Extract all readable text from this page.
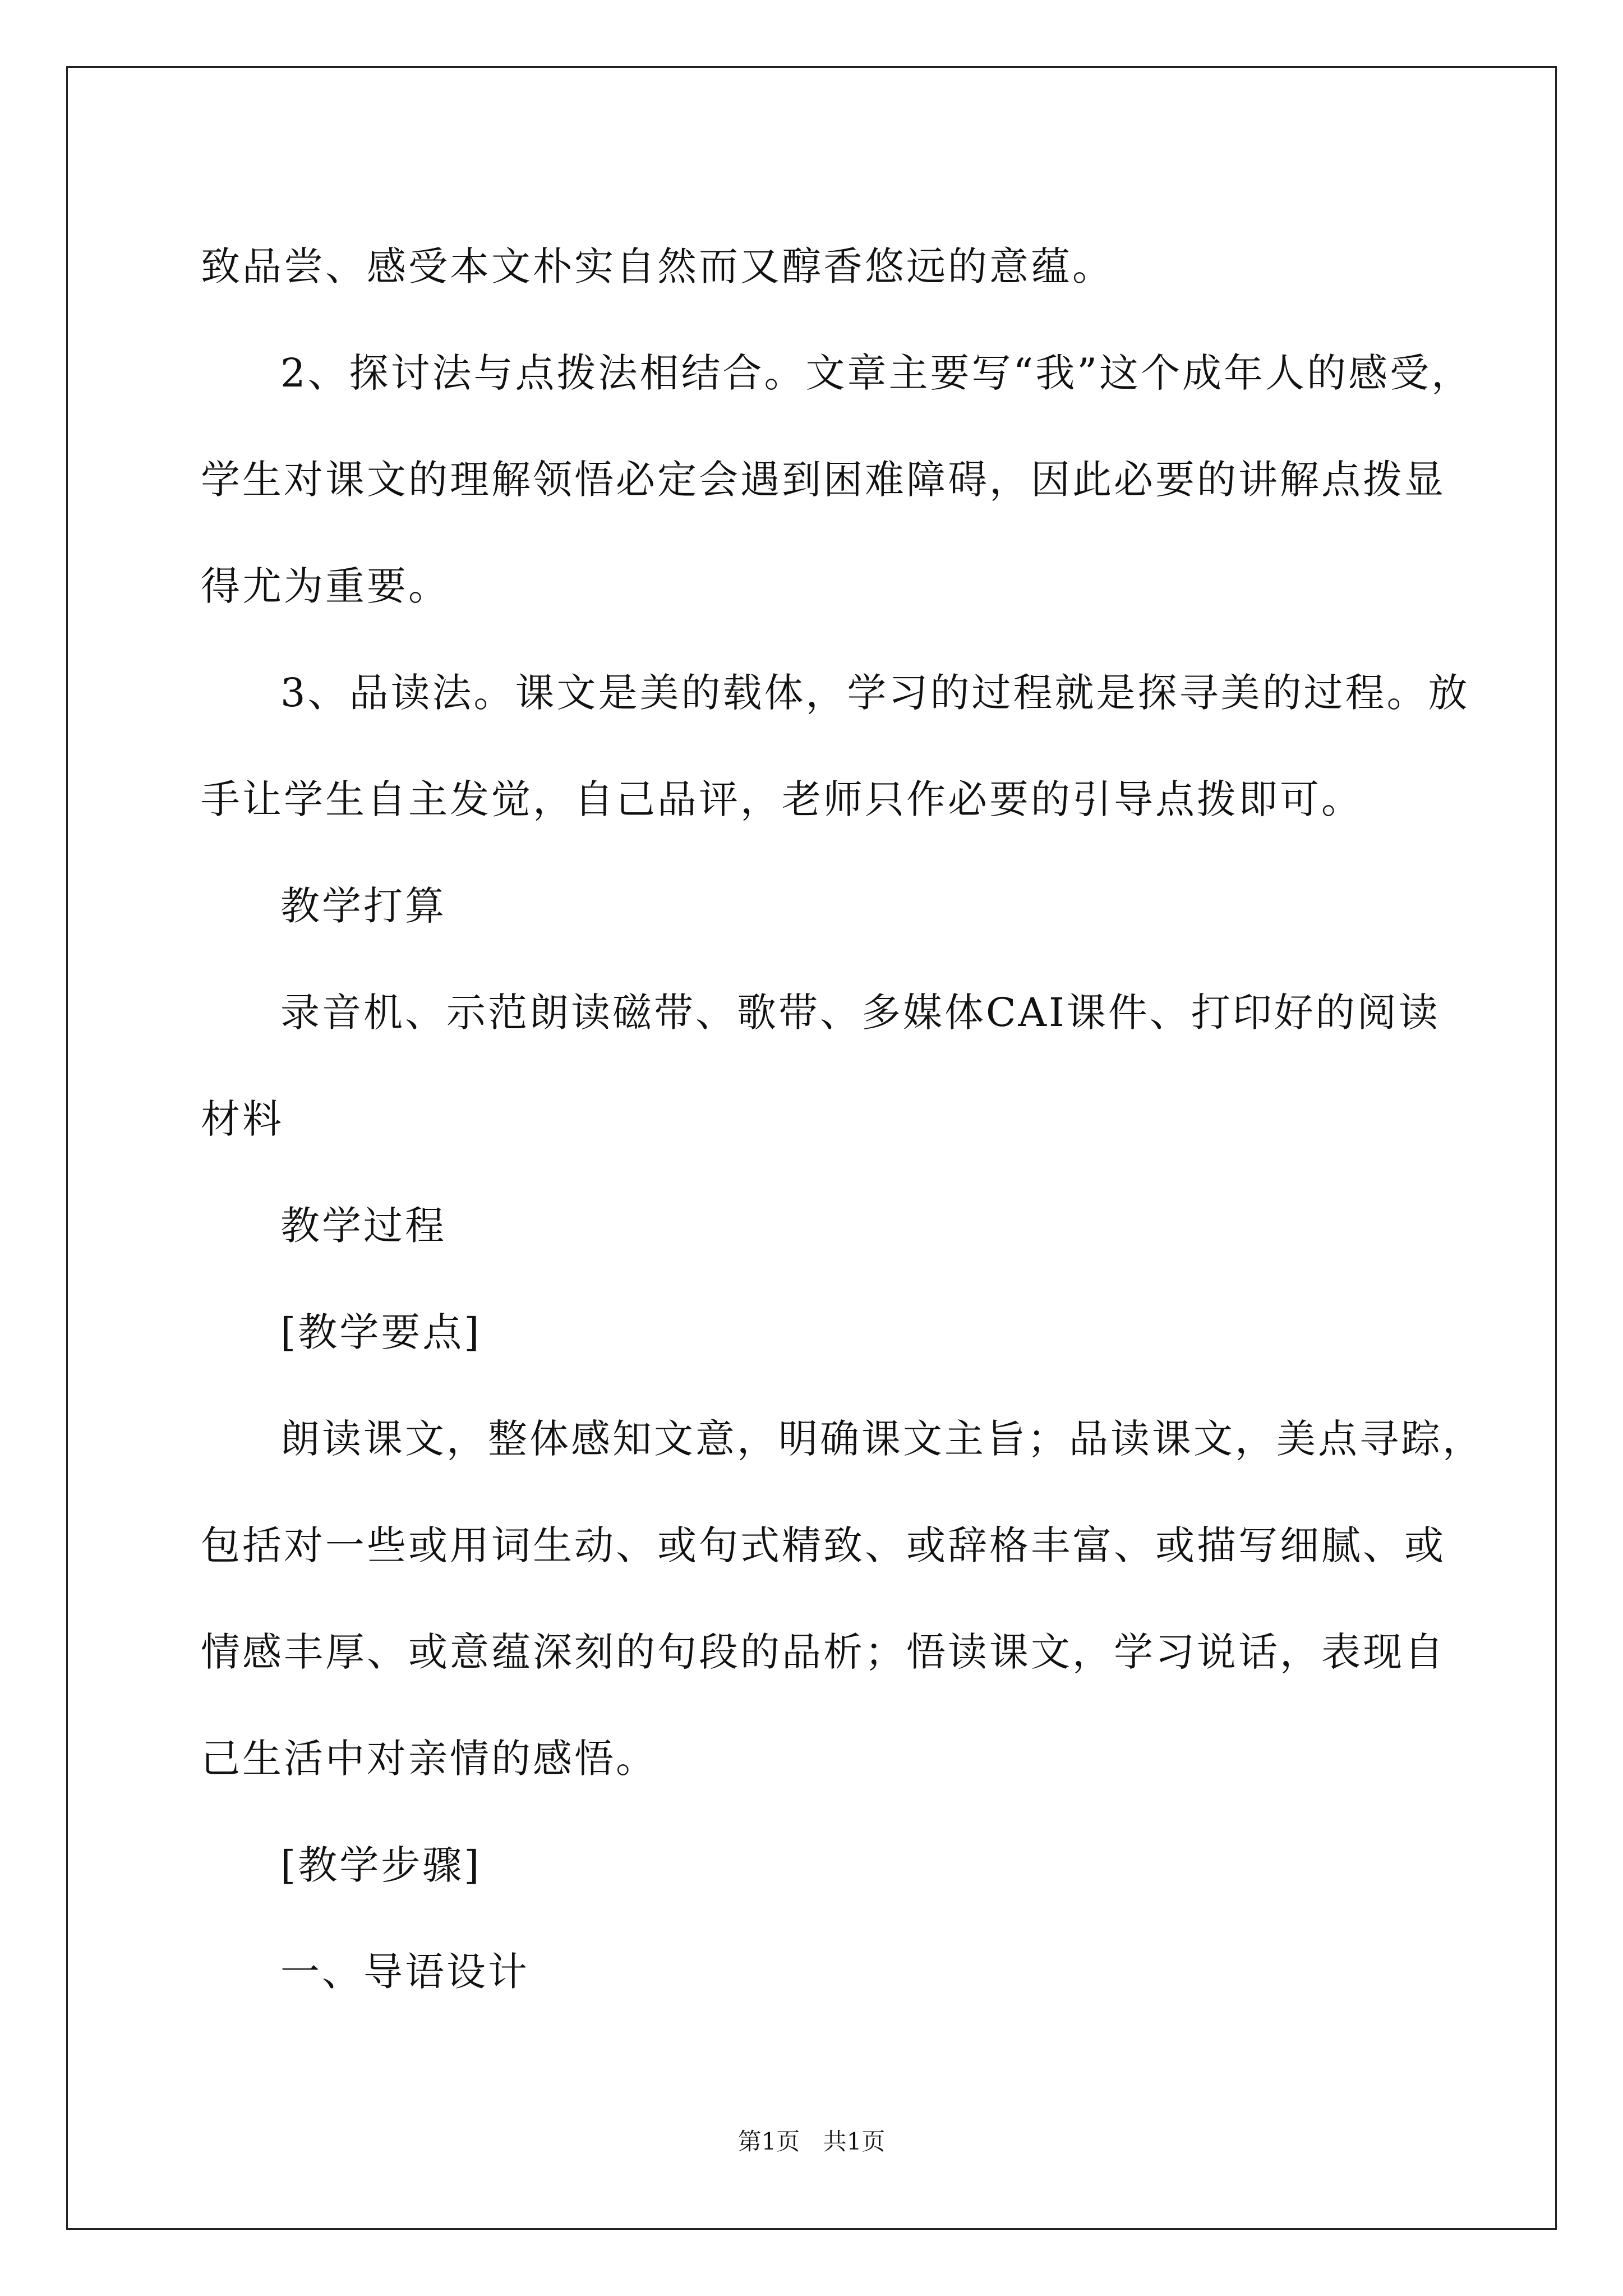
致品尝、感受本文朴实自然而又醇香悠远的意蕴。
2、探讨法与点拨法相结合。文章主要写“我”这个成年人的感受，
学生对课文的理解领悟必定会遇到困难障碍，因此必要的讲解点拨显
得尤为重要。
3、品读法。课文是美的载体，学习的过程就是探寻美的过程。放
手让学生自主发觉，自己品评，老师只作必要的引导点拨即可。
教学打算
录音机、示范朗读磁带、歌带、多媒体CAI课件、打印好的阅读
材料
教学过程
[教学要点]
朗读课文，整体感知文意，明确课文主旨；品读课文，美点寻踪，
包括对一些或用词生动、或句式精致、或辞格丰富、或描写细腻、或
情感丰厚、或意蕴深刻的句段的品析；悟读课文，学习说话，表现自
己生活中对亲情的感悟。
[教学步骤]
一、导语设计
第1页 共1页
